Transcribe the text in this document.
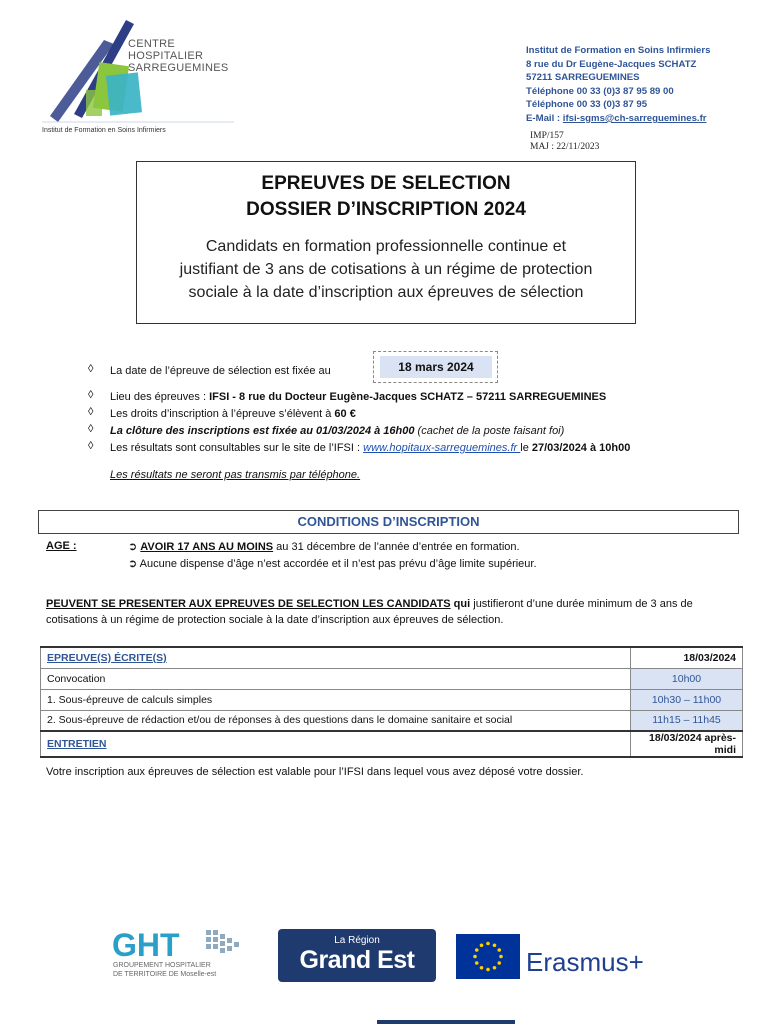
CENTRE
HOSPITALIER
SARREGUEMINES
Institut de Formation en Soins Infirmiers
Institut de Formation en Soins Infirmiers
8 rue du Dr Eugène-Jacques SCHATZ
57211 SARREGUEMINES
Téléphone 00 33 (0)3 87 95 89 00
Téléphone 00 33 (0)3 87 95
E-Mail : ifsi-sgms@ch-sarreguemines.fr
IMP/157
MAJ : 22/11/2023
EPREUVES DE SELECTION
DOSSIER D’INSCRIPTION 2024
Candidats en formation professionnelle continue et
justifiant de 3 ans de cotisations à un régime de protection
sociale à la date d’inscription aux épreuves de sélection
◊ La date de l’épreuve de sélection est fixée au	18 mars 2024
◊ Lieu des épreuves : IFSI - 8 rue du Docteur Eugène-Jacques SCHATZ – 57211 SARREGUEMINES
◊ Les droits d’inscription à l’épreuve s’élèvent à 60 €
◊ La clôture des inscriptions est fixée au 01/03/2024 à 16h00 (cachet de la poste faisant foi)
◊ Les résultats sont consultables sur le site de l’IFSI : www.hopitaux-sarreguemines.fr le 27/03/2024 à 10h00
Les résultats ne seront pas transmis par téléphone.
CONDITIONS D’INSCRIPTION
AGE :	➲ AVOIR 17 ANS AU MOINS au 31 décembre de l’année d’entrée en formation.
➲ Aucune dispense d’âge n’est accordée et il n’est pas prévu d’âge limite supérieur.
PEUVENT SE PRESENTER AUX EPREUVES DE SELECTION LES CANDIDATS qui justifieront d’une durée minimum de 3 ans de cotisations à un régime de protection sociale à la date d’inscription aux épreuves de sélection.
EPREUVE(S) ÉCRITE(S)	18/03/2024
Convocation	10h00
1. Sous-épreuve de calculs simples	10h30 – 11h00
2. Sous-épreuve de rédaction et/ou de réponses à des questions dans le domaine sanitaire et social	11h15 – 11h45
ENTRETIEN	18/03/2024 après-midi
Votre inscription aux épreuves de sélection est valable pour l’IFSI dans lequel vous avez déposé votre dossier.
GHT
GROUPEMENT HOSPITALIER
DE TERRITOIRE DE Moselle-est
La Région
Grand Est	Erasmus+
